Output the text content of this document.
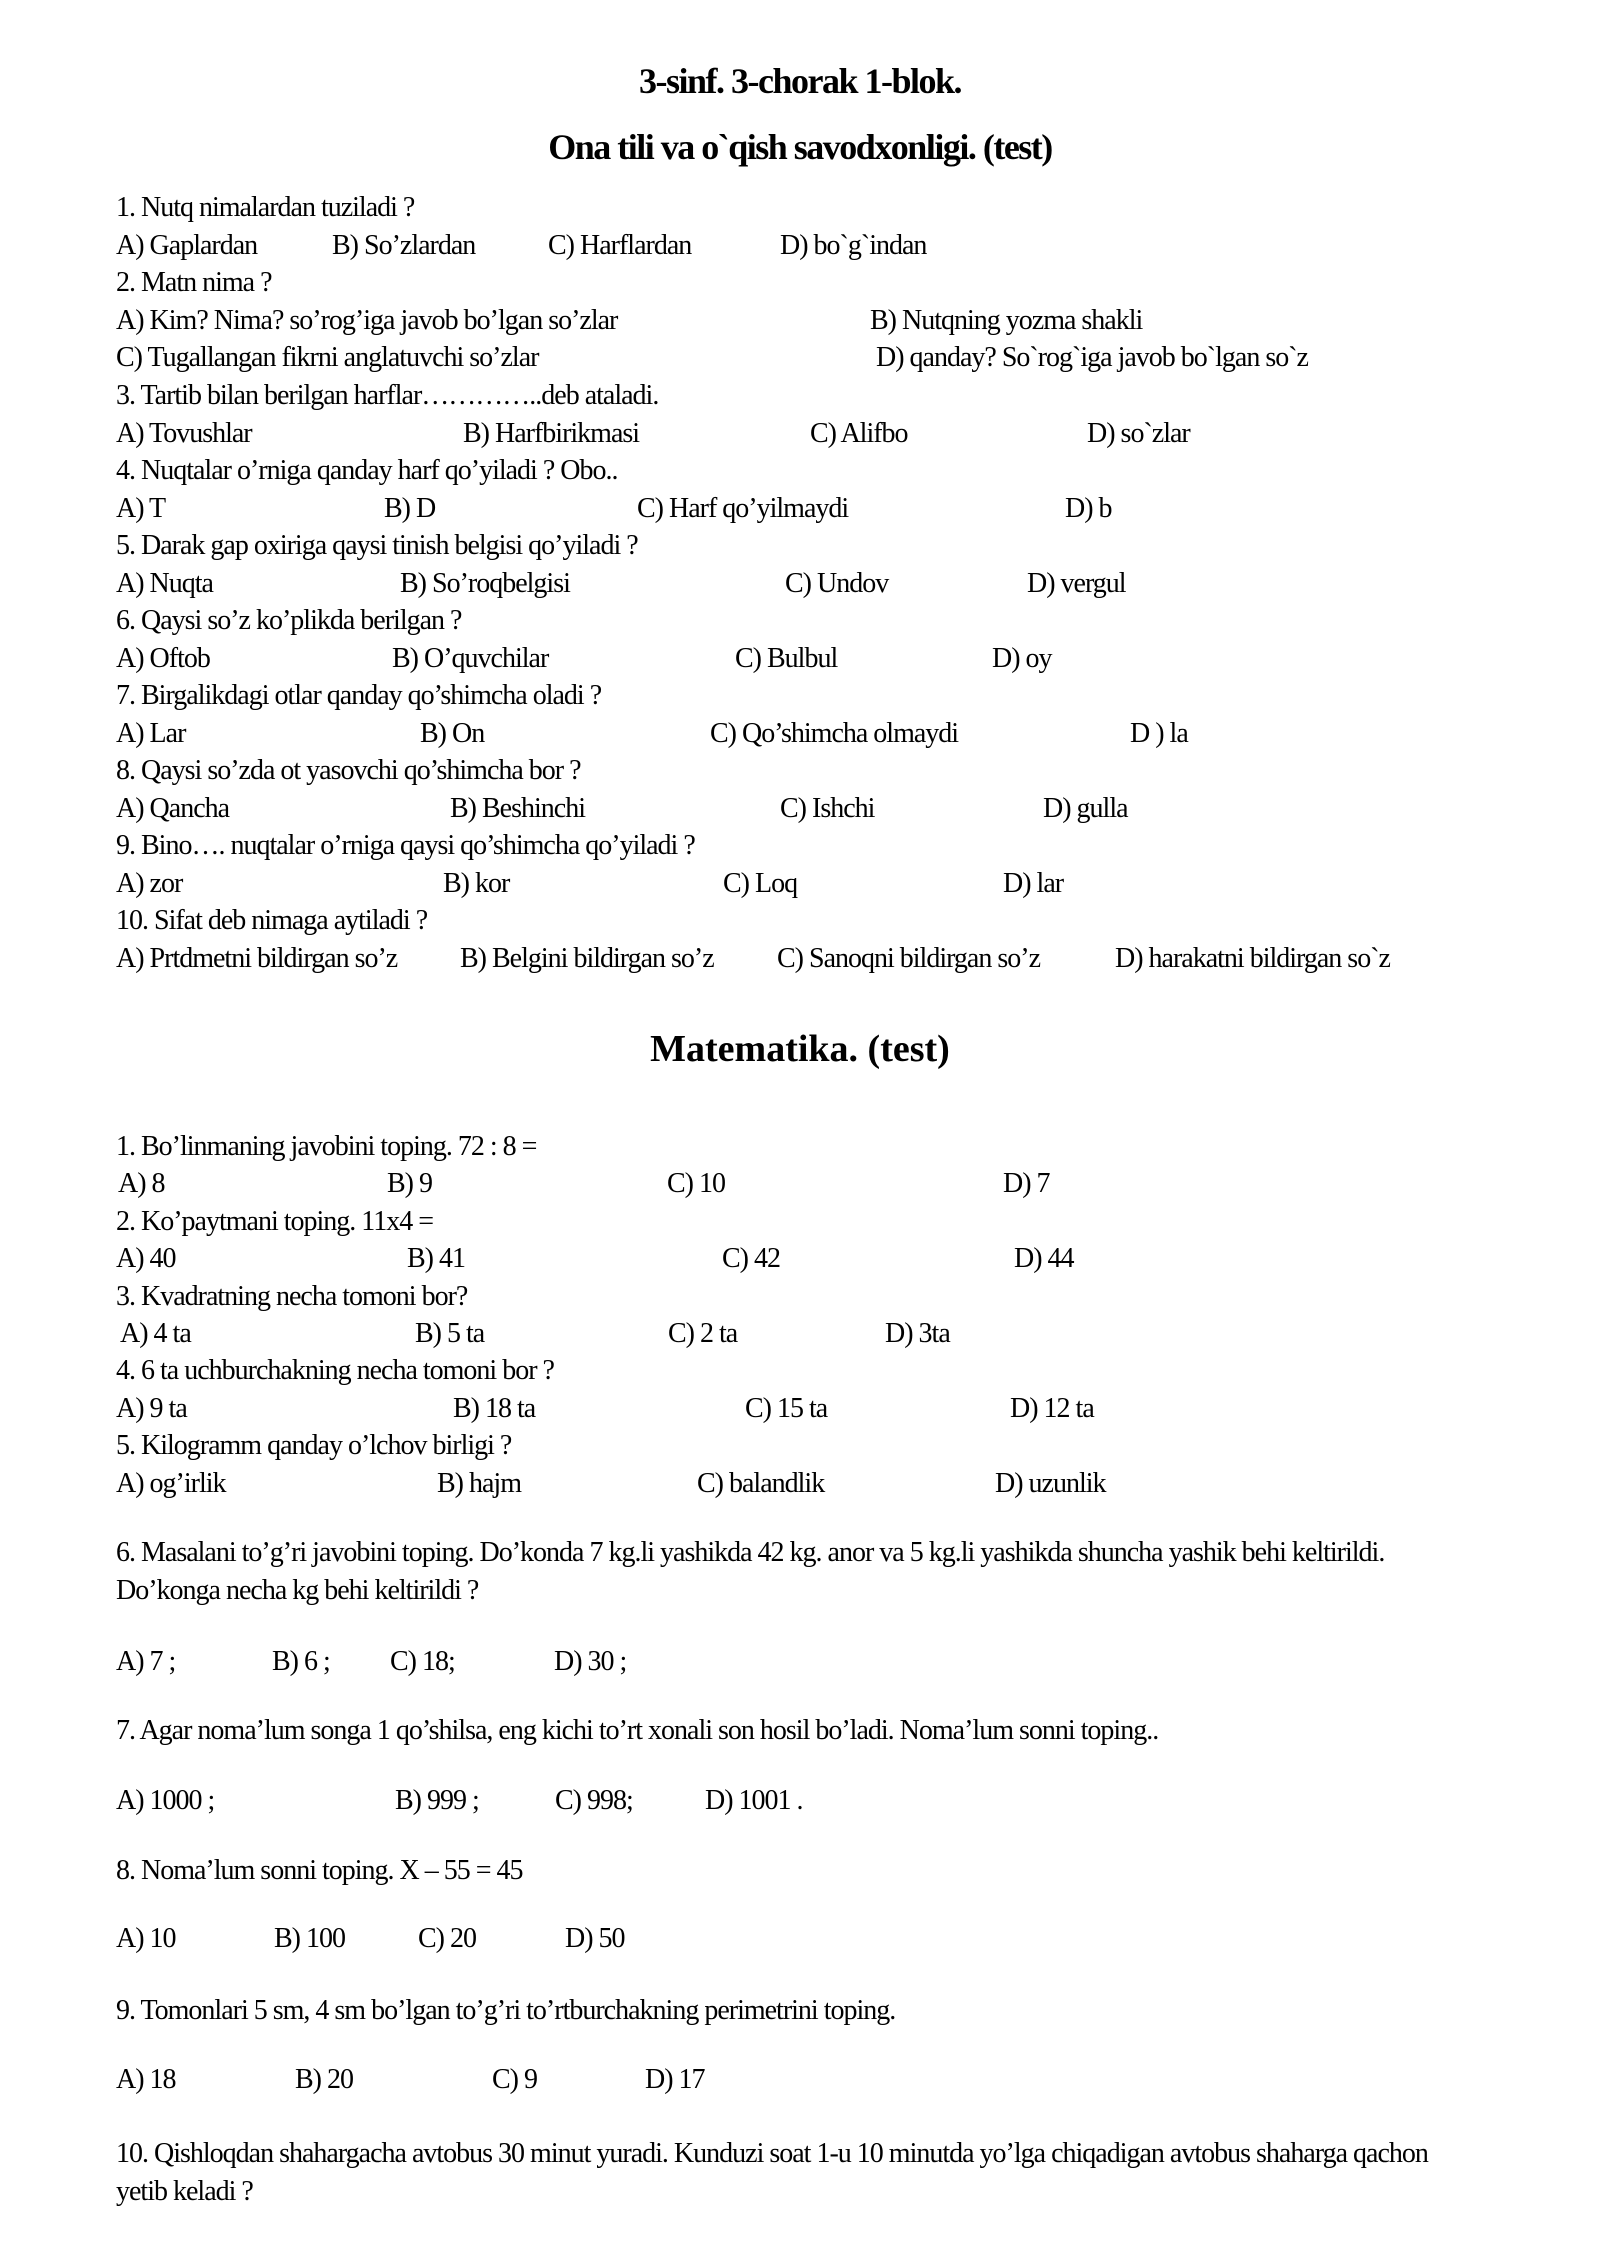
3-sinf. 3-chorak 1-blok.
Ona tili va o`qish savodxonligi. (test)
1. Nutq nimalardan tuziladi ?
A) Gaplardan	B) So’zlardan	C) Harflardan	D) bo`g`indan
2. Matn nima ?
A) Kim? Nima? so’rog’iga javob bo’lgan so’zlar	B) Nutqning yozma shakli
C) Tugallangan fikrni anglatuvchi so’zlar	D) qanday? So`rog`iga javob bo`lgan so`z
3. Tartib bilan berilgan harflar…………..deb ataladi.
A) Tovushlar	B) Harfbirikmasi	C) Alifbo	D) so`zlar
4. Nuqtalar o’rniga qanday harf qo’yiladi ? Obo..
A) T	B) D	C) Harf qo’yilmaydi	D) b
5. Darak gap oxiriga qaysi tinish belgisi qo’yiladi ?
A) Nuqta	B) So’roqbelgisi	C) Undov	D) vergul
6. Qaysi so’z ko’plikda berilgan ?
A) Oftob	B) O’quvchilar	C) Bulbul	D) oy
7. Birgalikdagi otlar qanday qo’shimcha oladi ?
A) Lar	B) On	C) Qo’shimcha olmaydi	D ) la
8. Qaysi so’zda ot yasovchi qo’shimcha bor ?
A) Qancha	B) Beshinchi	C) Ishchi	D) gulla
9. Bino…. nuqtalar o’rniga qaysi qo’shimcha qo’yiladi ?
A) zor	B) kor	C) Loq	D) lar
10. Sifat deb nimaga aytiladi ?
A) Prtdmetni bildirgan so’z B) Belgini bildirgan so’z C) Sanoqni bildirgan so’z	D) harakatni bildirgan so`z
Matematika. (test)
1. Bo’linmaning javobini toping. 72 : 8 =
A) 8	B) 9	C) 10	D) 7
2. Ko’paytmani toping. 11x4 =
A) 40	B) 41	C) 42	D) 44
3. Kvadratning necha tomoni bor?
A) 4 ta	B) 5 ta	C) 2 ta	D) 3ta
4. 6 ta uchburchakning necha tomoni bor ?
A) 9 ta	B) 18 ta	C) 15 ta	D) 12 ta
5. Kilogramm qanday o’lchov birligi ?
A) og’irlik	B) hajm	C) balandlik	D) uzunlik
6. Masalani to’g’ri javobini toping. Do’konda 7 kg.li yashikda 42 kg. anor va 5 kg.li yashikda shuncha yashik behi keltirildi. Do’konga necha kg behi keltirildi ?
A) 7 ;	B) 6 ; C) 18;	D) 30 ;
7. Agar noma’lum songa 1 qo’shilsa, eng kichi to’rt xonali son hosil bo’ladi. Noma’lum sonni toping..
A) 1000 ;	B) 999 ;	C) 998;	D) 1001 .
8. Noma’lum sonni toping. X – 55 = 45
A) 10	B) 100	C) 20	D) 50
9. Tomonlari 5 sm, 4 sm bo’lgan to’g’ri to’rtburchakning perimetrini toping.
A) 18	B) 20	C) 9	D) 17
10. Qishloqdan shahargacha avtobus 30 minut yuradi. Kunduzi soat 1-u 10 minutda yo’lga chiqadigan avtobus shaharga qachon yetib keladi ?
